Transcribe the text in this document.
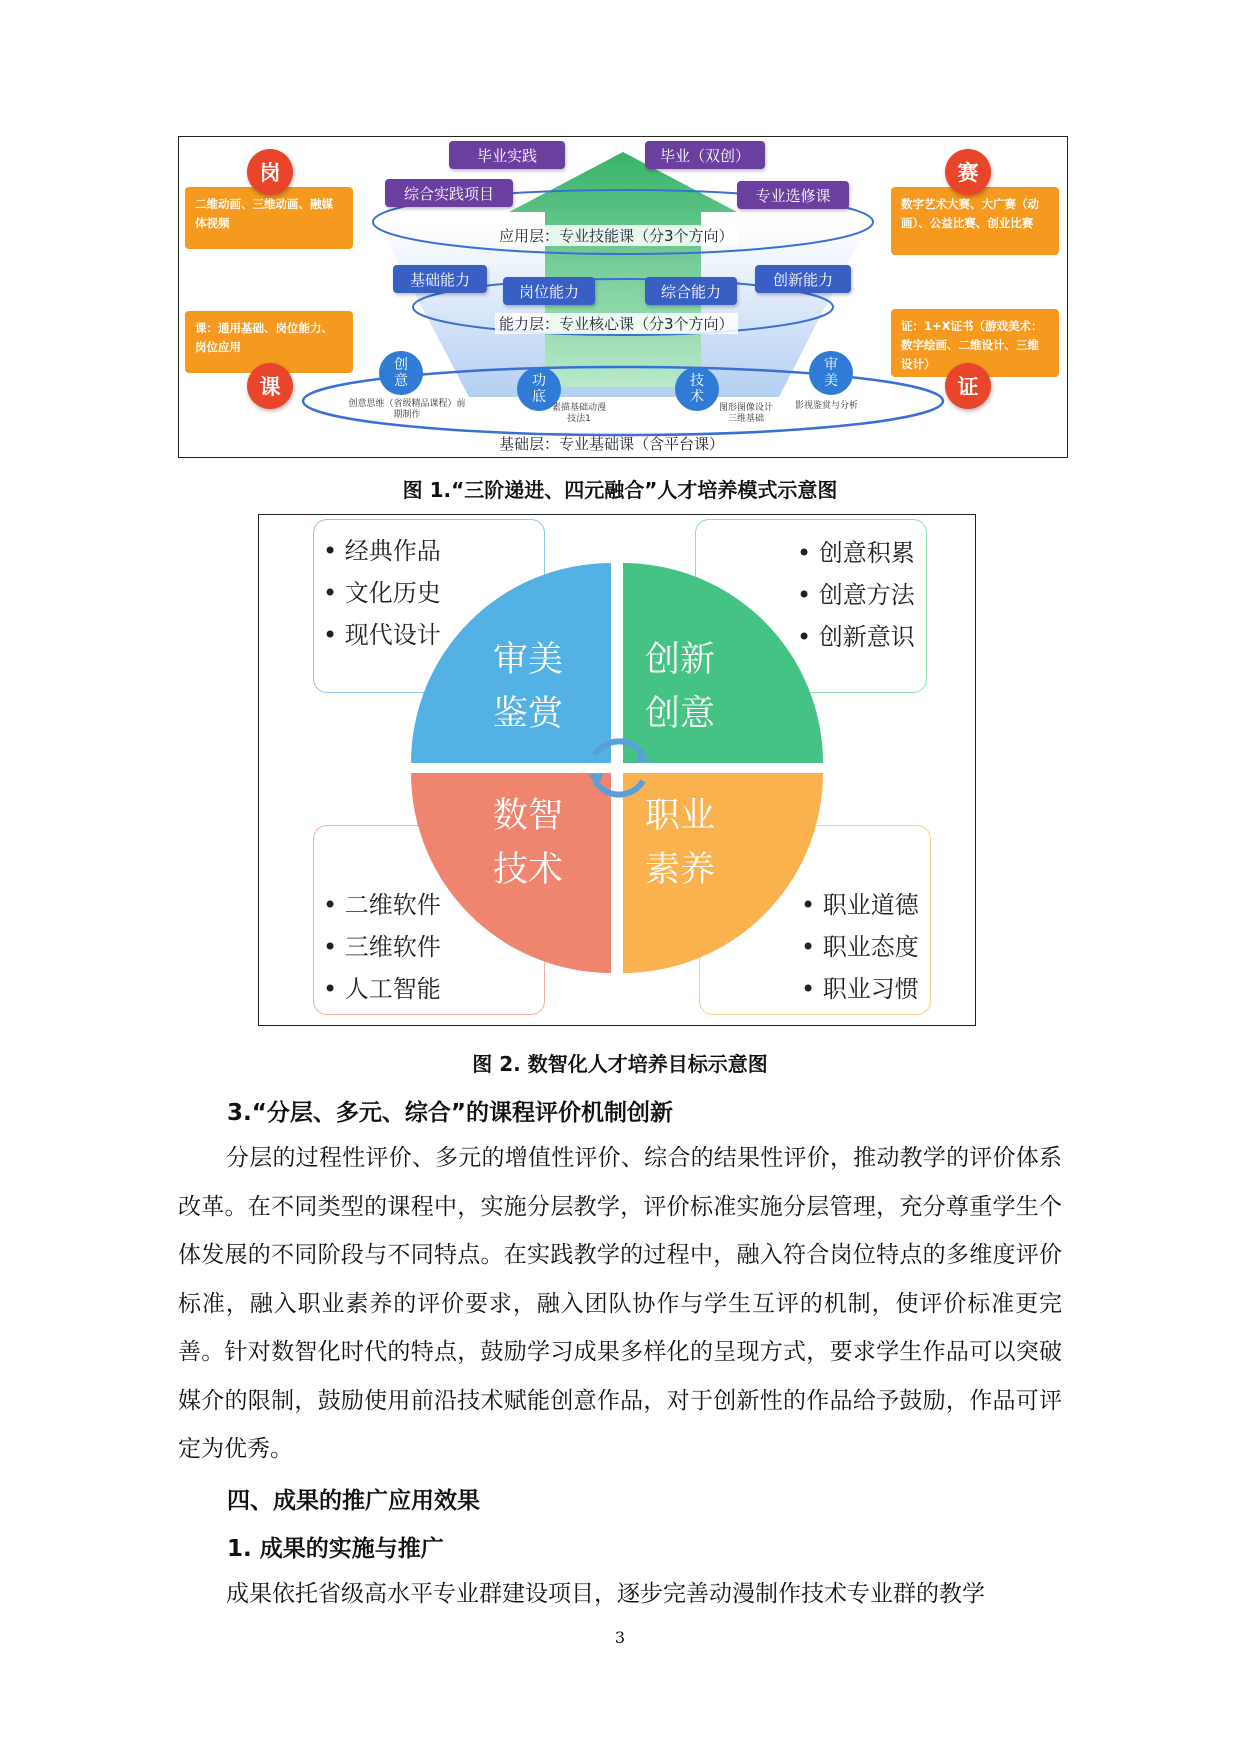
毕业实践	毕业（双创）
综合实践项目	专业选修课
应用层：专业技能课（分3个方向）
基础能力
岗位能力	综合能力
创新能力
能力层：专业核心课（分3个方向）
创意
创意思维（省级精品课程）前期制作
功底
素描基础动漫技法1
技术
图形图像设计三维基础
审美
影视鉴赏与分析
基础层：专业基础课（含平台课）
二维动画、三维动画、融媒体视频
岗
课：通用基础、岗位能力、岗位应用
课
数字艺术大赛、大广赛（动画）、公益比赛、创业比赛
赛
证：1+X证书（游戏美术：数字绘画、二维设计、三维设计）
证
图 1.“三阶递进、四元融合”人才培养模式示意图
审美
鉴赏
创新
创意
数智
技术
职业
素养
• 经典作品
• 文化历史
• 现代设计
• 创意积累
• 创意方法
• 创新意识
• 二维软件
• 三维软件
• 人工智能
• 职业道德
• 职业态度
• 职业习惯
图 2. 数智化人才培养目标示意图
3.“分层、多元、综合”的课程评价机制创新
分层的过程性评价、多元的增值性评价、综合的结果性评价，推动教学的评价体系改革。在不同类型的课程中，实施分层教学，评价标准实施分层管理，充分尊重学生个体发展的不同阶段与不同特点。在实践教学的过程中，融入符合岗位特点的多维度评价标准，融入职业素养的评价要求，融入团队协作与学生互评的机制，使评价标准更完善。针对数智化时代的特点，鼓励学习成果多样化的呈现方式，要求学生作品可以突破媒介的限制，鼓励使用前沿技术赋能创意作品，对于创新性的作品给予鼓励，作品可评定为优秀。
四、成果的推广应用效果
1. 成果的实施与推广
成果依托省级高水平专业群建设项目，逐步完善动漫制作技术专业群的教学
3
